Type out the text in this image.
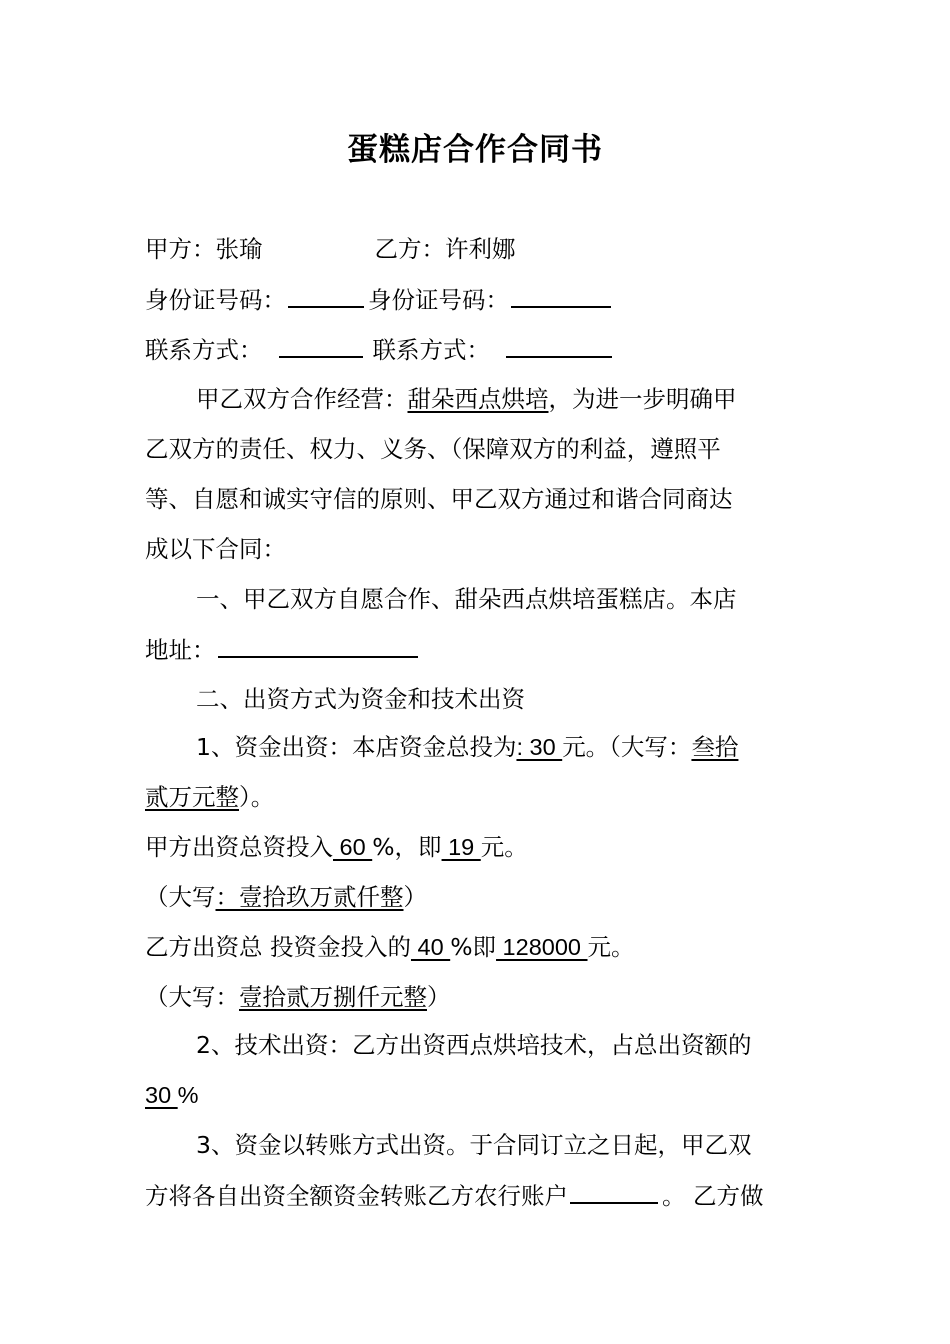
蛋糕店合作合同书
甲方：张瑜	乙方：许利娜
身份证号码：	身份证号码：
联系方式：	联系方式：
甲乙双方合作经营：甜朵西点烘培，为进一步明确甲
乙双方的责任、权力、义务、（保障双方的利益，遵照平
等、自愿和诚实守信的原则、甲乙双方通过和谐合同商达
成以下合同：
一、甲乙双方自愿合作、甜朵西点烘培蛋糕店。本店
地址：
二、出资方式为资金和技术出资
1、资金出资：本店资金总投为: 30 元。（大写：叁拾
贰万元整）。
甲方出资总资投入 60 %，即 19 元。
（大写：壹拾玖万贰仟整）
乙方出资总 投资金投入的 40 %即 128000 元。
（大写：壹拾贰万捌仟元整）
2、技术出资：乙方出资西点烘培技术，占总出资额的
30 %
3、资金以转账方式出资。于合同订立之日起，甲乙双
方将各自出资全额资金转账乙方农行账户	。 乙方做
